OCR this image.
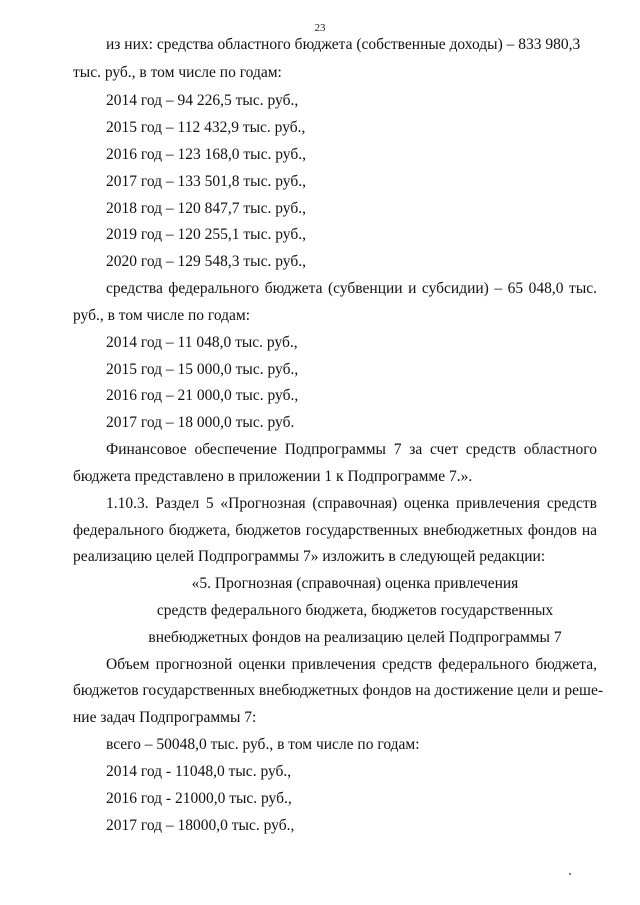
23
из них: средства областного бюджета (собственные доходы) – 833 980,3
тыс. руб., в том числе по годам:
2014 год – 94 226,5 тыс. руб.,
2015 год – 112 432,9 тыс. руб.,
2016 год – 123 168,0 тыс. руб.,
2017 год – 133 501,8 тыс. руб.,
2018 год – 120 847,7 тыс. руб.,
2019 год – 120 255,1 тыс. руб.,
2020 год – 129 548,3 тыс. руб.,
средства федерального бюджета (субвенции и субсидии) – 65 048,0 тыс.
руб., в том числе по годам:
2014 год – 11 048,0 тыс. руб.,
2015 год – 15 000,0 тыс. руб.,
2016 год – 21 000,0 тыс. руб.,
2017 год – 18 000,0 тыс. руб.
Финансовое обеспечение Подпрограммы 7 за счет средств областного
бюджета представлено в приложении 1 к Подпрограмме 7.».
1.10.3. Раздел 5 «Прогнозная (справочная) оценка привлечения средств
федерального бюджета, бюджетов государственных внебюджетных фондов на
реализацию целей Подпрограммы 7» изложить в следующей редакции:
«5. Прогнозная (справочная) оценка привлечения
средств федерального бюджета, бюджетов государственных
внебюджетных фондов на реализацию целей Подпрограммы 7
Объем прогнозной оценки привлечения средств федерального бюджета,
бюджетов государственных внебюджетных фондов на достижение цели и реше-
ние задач Подпрограммы 7:
всего – 50048,0 тыс. руб., в том числе по годам:
2014 год - 11048,0 тыс. руб.,
2016 год - 21000,0 тыс. руб.,
2017 год – 18000,0 тыс. руб.,
